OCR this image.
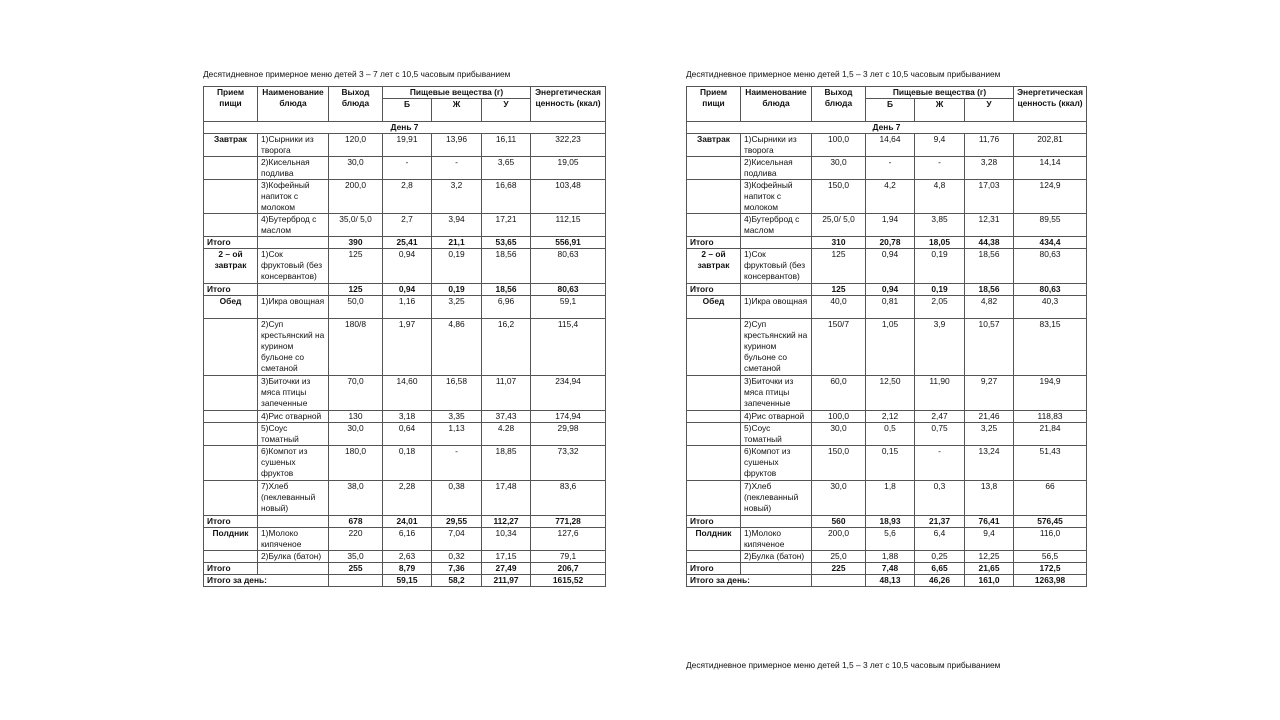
Десятидневное примерное меню детей 3 – 7 лет с 10,5 часовым прибыванием
Прием пищи	Наименование блюда	Выход блюда	Пищевые вещества (г)			Энергетическая ценность (ккал)
			Б	Ж	У	
День 7						
Завтрак	1)Сырники из творога	120,0	19,91	13,96	16,11	322,23
	2)Кисельная подлива	30,0	-	-	3,65	19,05
	3)Кофейный напиток с молоком	200,0	2,8	3,2	16,68	103,48
	4)Бутерброд с маслом	35,0/ 5,0	2,7	3,94	17,21	112,15
Итого		390	25,41	21,1	53,65	556,91
2 – ой завтрак	1)Сок фруктовый (без консервантов)	125	0,94	0,19	18,56	80,63
Итого		125	0,94	0,19	18,56	80,63
Обед	1)Икра овощная	50,0	1,16	3,25	6,96	59,1
	2)Суп крестьянский на курином бульоне со сметаной	180/8	1,97	4,86	16,2	115,4
	3)Биточки из мяса птицы запеченные	70,0	14,60	16,58	11,07	234,94
	4)Рис отварной	130	3,18	3,35	37,43	174,94
	5)Соус томатный	30,0	0,64	1,13	4.28	29,98
	6)Компот из сушеных фруктов	180,0	0,18	-	18,85	73,32
	7)Хлеб (пеклеванный новый)	38,0	2,28	0,38	17,48	83,6
Итого		678	24,01	29,55	112,27	771,28
Полдник	1)Молоко кипяченое	220	6,16	7,04	10,34	127,6
	2)Булка (батон)	35,0	2,63	0,32	17,15	79,1
Итого		255	8,79	7,36	27,49	206,7
Итого за день:			59,15	58,2	211,97	1615,52
Десятидневное примерное меню детей 1,5 – 3 лет с 10,5 часовым прибыванием
Прием пищи	Наименование блюда	Выход блюда	Пищевые вещества (г)			Энергетическая ценность (ккал)
			Б	Ж	У	
День 7						
Завтрак	1)Сырники из творога	100,0	14,64	9,4	11,76	202,81
	2)Кисельная подлива	30,0	-	-	3,28	14,14
	3)Кофейный напиток с молоком	150,0	4,2	4,8	17,03	124,9
	4)Бутерброд с маслом	25,0/ 5,0	1,94	3,85	12,31	89,55
Итого		310	20,78	18,05	44,38	434,4
2 – ой завтрак	1)Сок фруктовый (без консервантов)	125	0,94	0,19	18,56	80,63
Итого		125	0,94	0,19	18,56	80,63
Обед	1)Икра овощная	40,0	0,81	2,05	4,82	40,3
	2)Суп крестьянский на курином бульоне со сметаной	150/7	1,05	3,9	10,57	83,15
	3)Биточки из мяса птицы запеченные	60,0	12,50	11,90	9,27	194,9
	4)Рис отварной	100,0	2,12	2,47	21,46	118,83
	5)Соус томатный	30,0	0,5	0,75	3,25	21,84
	6)Компот из сушеных фруктов	150,0	0,15	-	13,24	51,43
	7)Хлеб (пеклеванный новый)	30,0	1,8	0,3	13,8	66
Итого		560	18,93	21,37	76,41	576,45
Полдник	1)Молоко кипяченое	200,0	5,6	6,4	9,4	116,0
	2)Булка (батон)	25,0	1,88	0,25	12,25	56,5
Итого		225	7,48	6,65	21,65	172,5
Итого за день:			48,13	46,26	161,0	1263,98
Десятидневное примерное меню детей 1,5 – 3 лет с 10,5 часовым прибыванием
